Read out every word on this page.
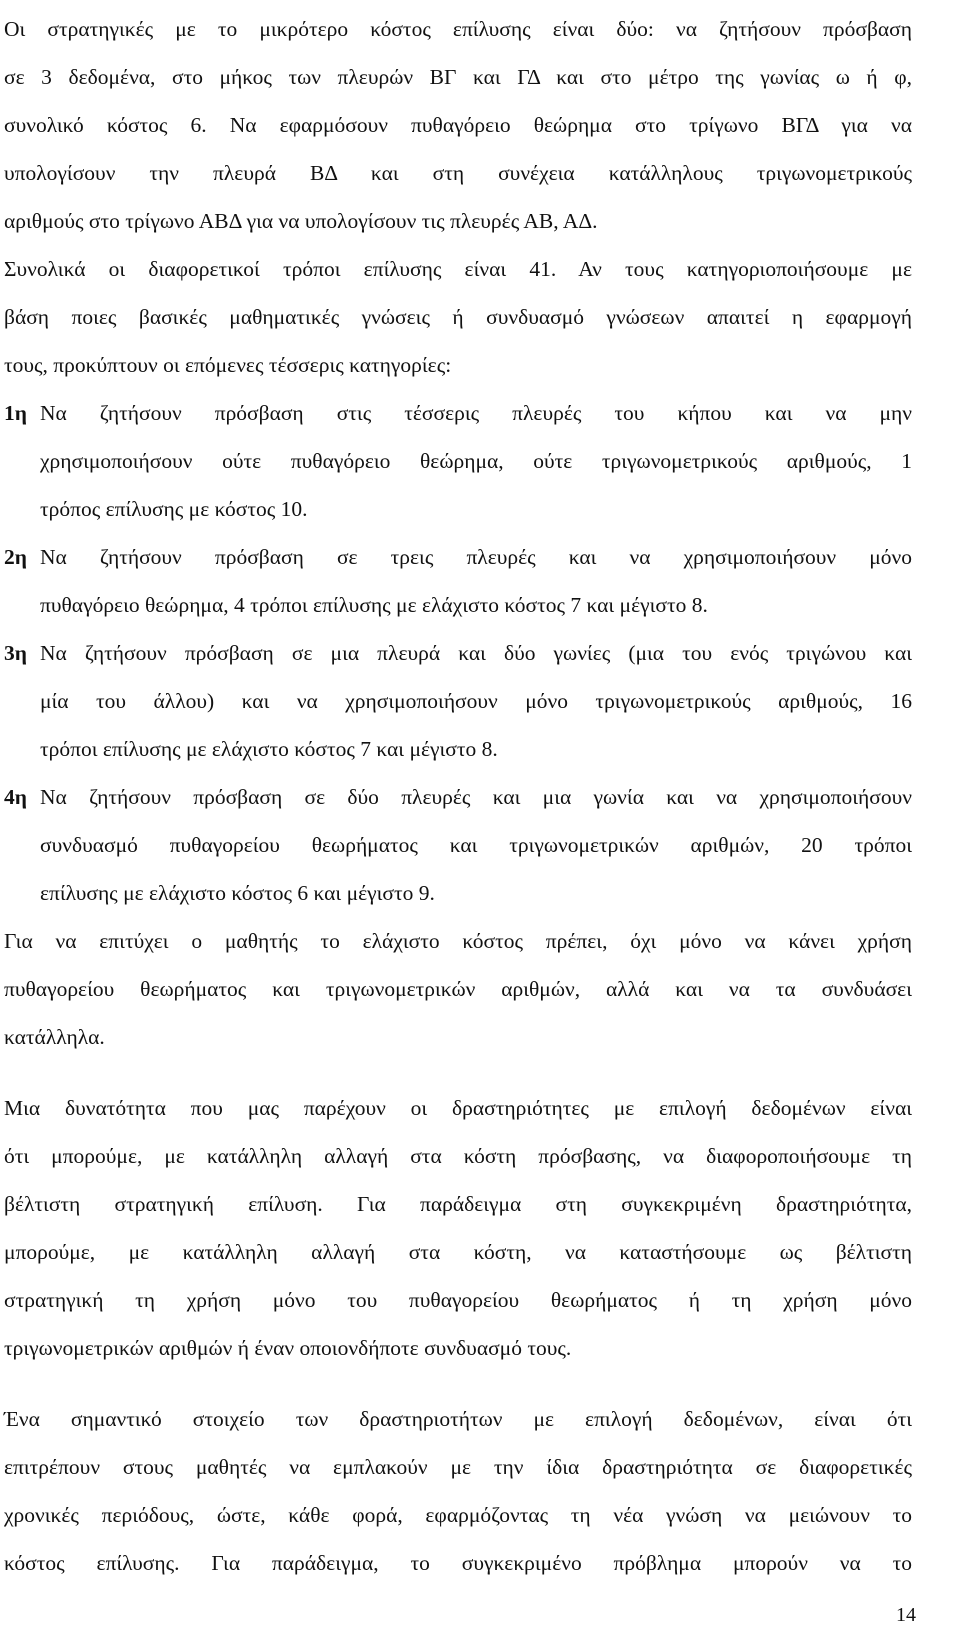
Οι στρατηγικές με το μικρότερο κόστος επίλυσης είναι δύο: να ζητήσουν πρόσβαση
σε 3 δεδομένα, στο μήκος των πλευρών ΒΓ και ΓΔ και στο μέτρο της γωνίας ω ή φ,
συνολικό κόστος 6. Να εφαρμόσουν πυθαγόρειο θεώρημα στο τρίγωνο ΒΓΔ για να
υπολογίσουν την πλευρά ΒΔ και στη συνέχεια κατάλληλους τριγωνομετρικούς
αριθμούς στο τρίγωνο ΑΒΔ για να υπολογίσουν τις πλευρές ΑΒ, ΑΔ.
Συνολικά οι διαφορετικοί τρόποι επίλυσης είναι 41. Αν τους κατηγοριοποιήσουμε με
βάση ποιες βασικές μαθηματικές γνώσεις ή συνδυασμό γνώσεων απαιτεί η εφαρμογή
τους, προκύπτουν οι επόμενες τέσσερις κατηγορίες:
1η Να ζητήσουν πρόσβαση στις τέσσερις πλευρές του κήπου και να μην
χρησιμοποιήσουν ούτε πυθαγόρειο θεώρημα, ούτε τριγωνομετρικούς αριθμούς, 1
τρόπος επίλυσης με κόστος 10.
2η Να ζητήσουν πρόσβαση σε τρεις πλευρές και να χρησιμοποιήσουν μόνο
πυθαγόρειο θεώρημα, 4 τρόποι επίλυσης με ελάχιστο κόστος 7 και μέγιστο 8.
3η Να ζητήσουν πρόσβαση σε μια πλευρά και δύο γωνίες (μια του ενός τριγώνου και
μία του άλλου) και να χρησιμοποιήσουν μόνο τριγωνομετρικούς αριθμούς, 16
τρόποι επίλυσης με ελάχιστο κόστος 7 και μέγιστο 8.
4η Να ζητήσουν πρόσβαση σε δύο πλευρές και μια γωνία και να χρησιμοποιήσουν
συνδυασμό πυθαγορείου θεωρήματος και τριγωνομετρικών αριθμών, 20 τρόποι
επίλυσης με ελάχιστο κόστος 6 και μέγιστο 9.
Για να επιτύχει ο μαθητής το ελάχιστο κόστος πρέπει, όχι μόνο να κάνει χρήση
πυθαγορείου θεωρήματος και τριγωνομετρικών αριθμών, αλλά και να τα συνδυάσει
κατάλληλα.
Μια δυνατότητα που μας παρέχουν οι δραστηριότητες με επιλογή δεδομένων είναι
ότι μπορούμε, με κατάλληλη αλλαγή στα κόστη πρόσβασης, να διαφοροποιήσουμε τη
βέλτιστη στρατηγική επίλυση. Για παράδειγμα στη συγκεκριμένη δραστηριότητα,
μπορούμε, με κατάλληλη αλλαγή στα κόστη, να καταστήσουμε ως βέλτιστη
στρατηγική τη χρήση μόνο του πυθαγορείου θεωρήματος ή τη χρήση μόνο
τριγωνομετρικών αριθμών ή έναν οποιονδήποτε συνδυασμό τους.
Ένα σημαντικό στοιχείο των δραστηριοτήτων με επιλογή δεδομένων, είναι ότι
επιτρέπουν στους μαθητές να εμπλακούν με την ίδια δραστηριότητα σε διαφορετικές
χρονικές περιόδους, ώστε, κάθε φορά, εφαρμόζοντας τη νέα γνώση να μειώνουν το
κόστος επίλυσης. Για παράδειγμα, το συγκεκριμένο πρόβλημα μπορούν να το
14
